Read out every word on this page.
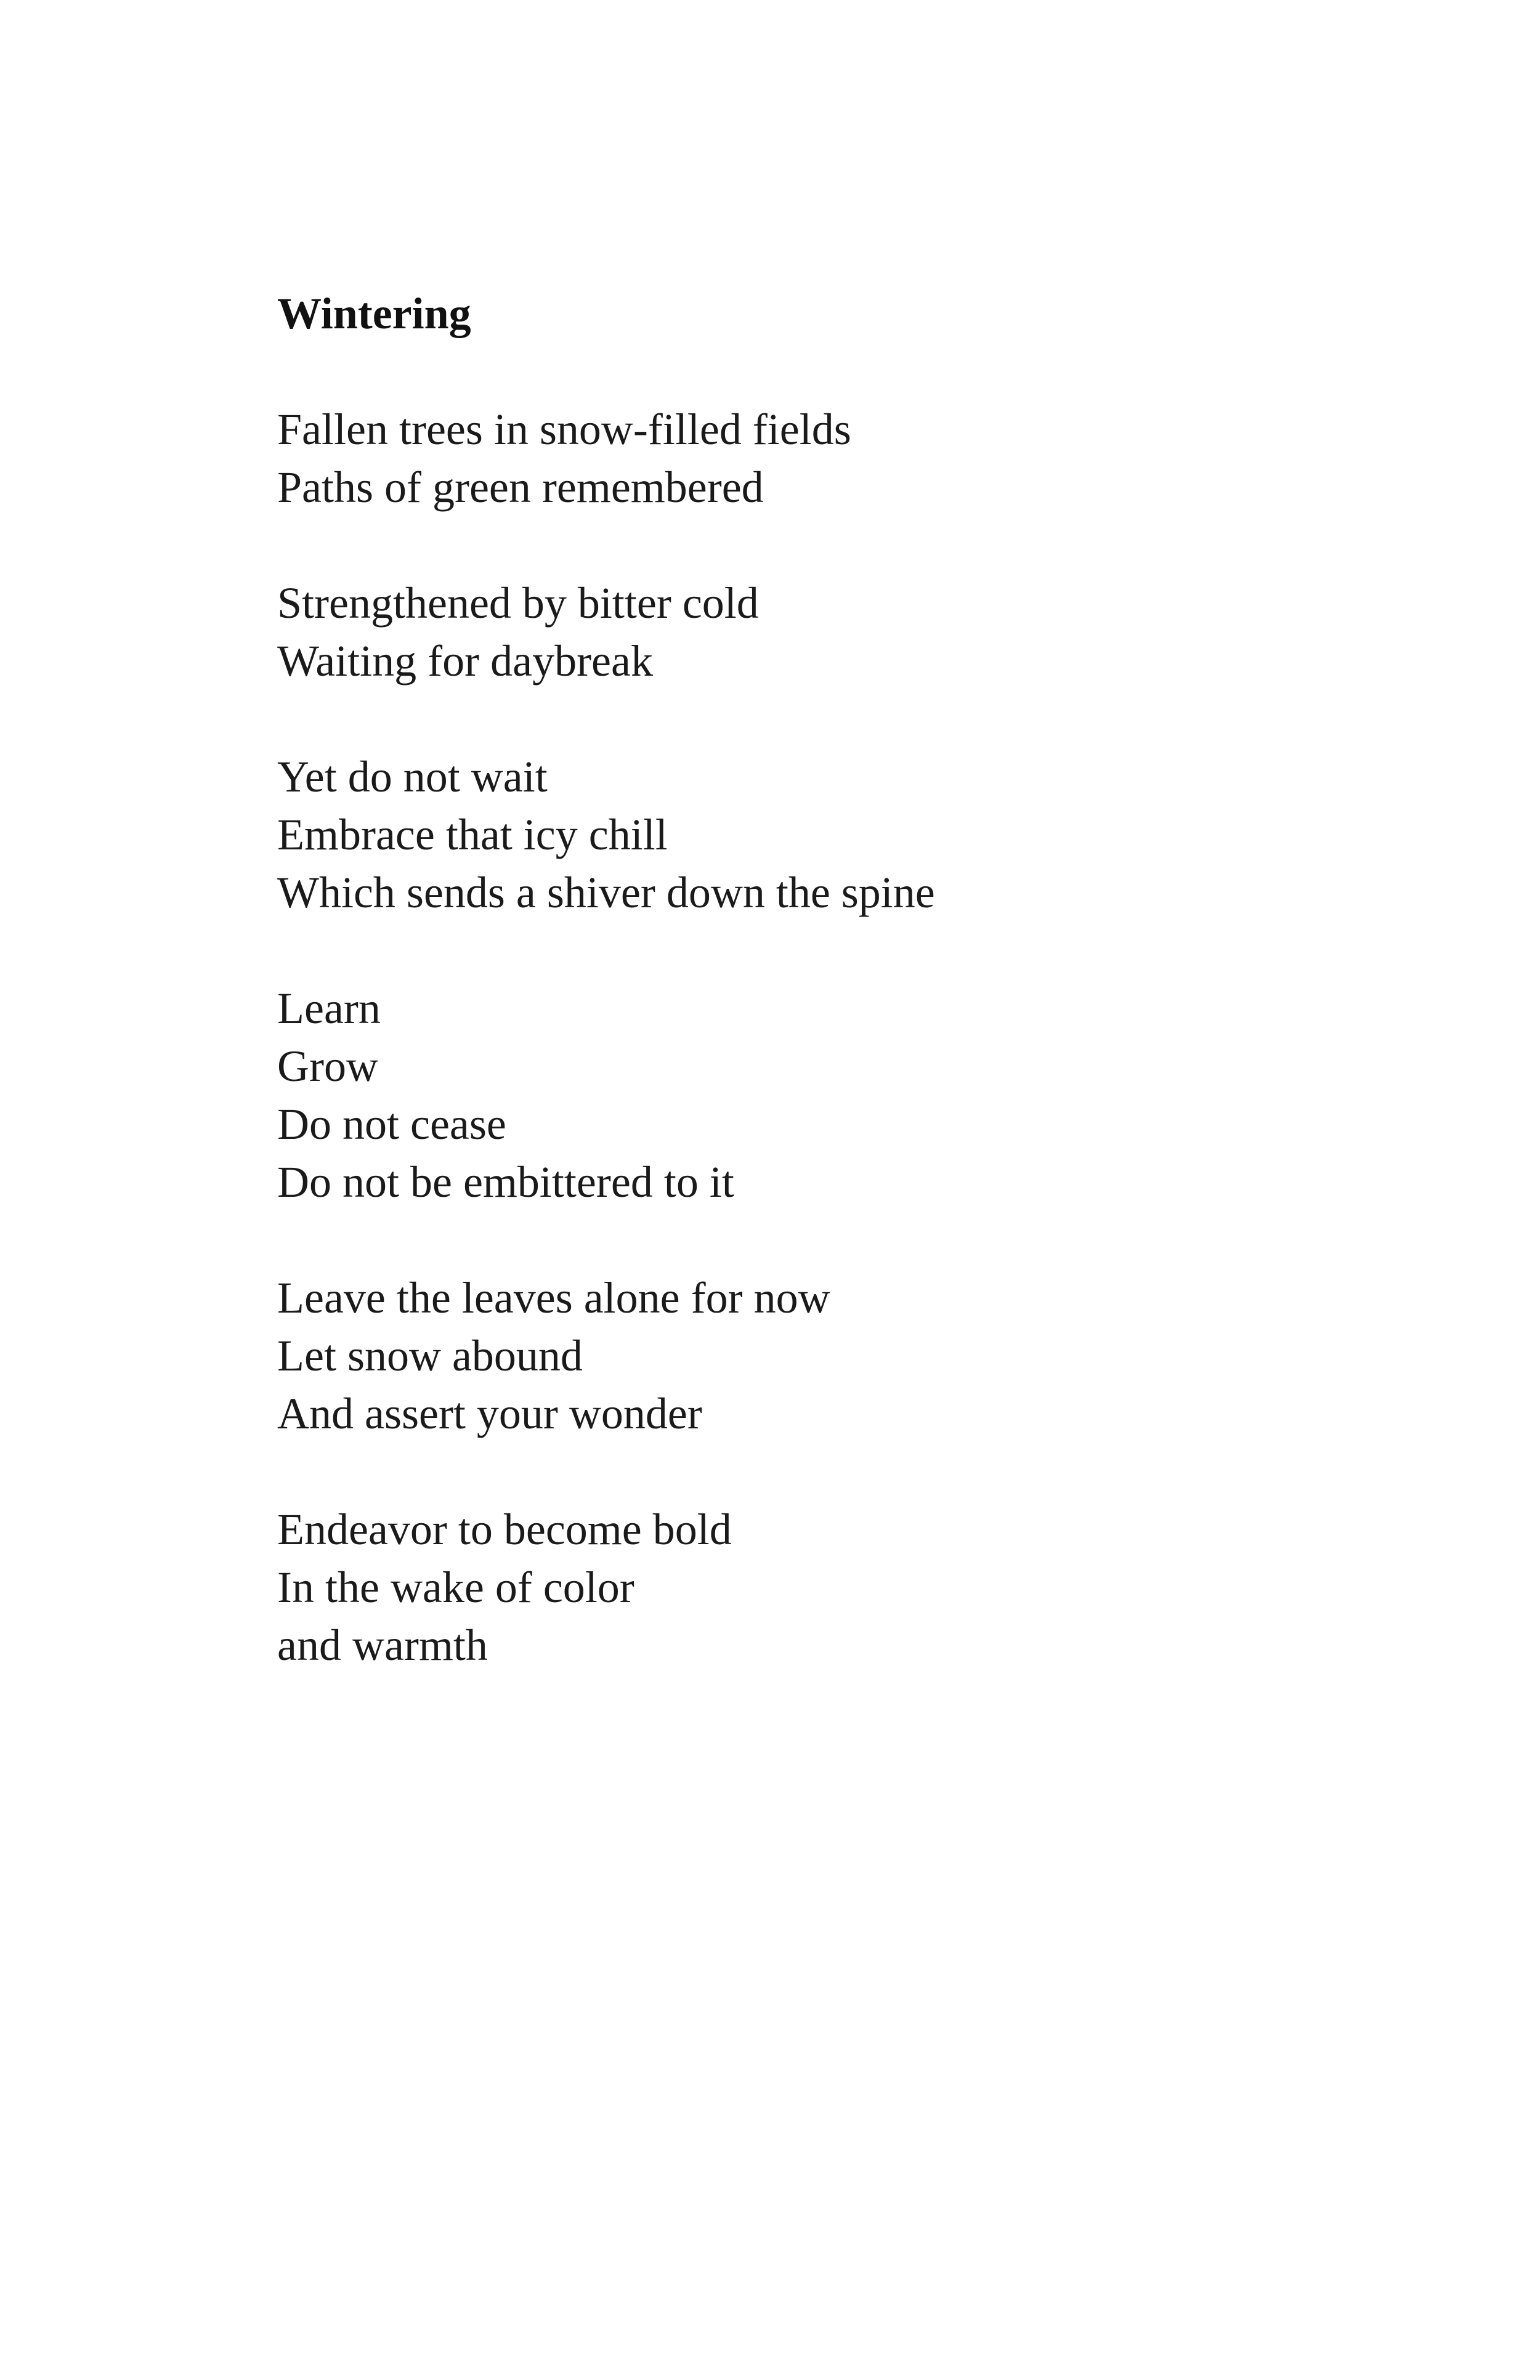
Wintering
Fallen trees in snow-filled fields
Paths of green remembered
Strengthened by bitter cold
Waiting for daybreak
Yet do not wait
Embrace that icy chill
Which sends a shiver down the spine
Learn
Grow
Do not cease
Do not be embittered to it
Leave the leaves alone for now
Let snow abound
And assert your wonder
Endeavor to become bold
In the wake of color
and warmth
